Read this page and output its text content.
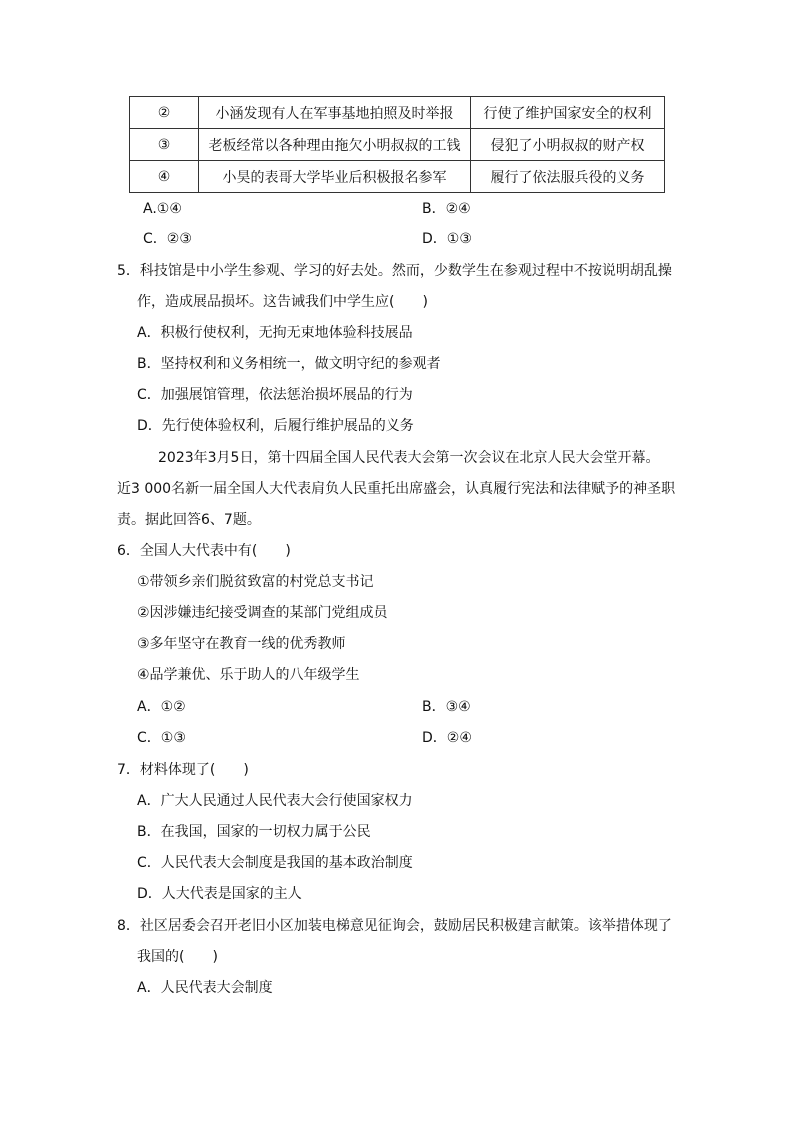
②	小涵发现有人在军事基地拍照及时举报	行使了维护国家安全的权利
③	老板经常以各种理由拖欠小明叔叔的工钱	侵犯了小明叔叔的财产权
④	小昊的表哥大学毕业后积极报名参军	履行了依法服兵役的义务
A.①④	B．②④
C．②③	D．①③
5．科技馆是中小学生参观、学习的好去处。然而，少数学生在参观过程中不按说明胡乱操
作，造成展品损坏。这告诫我们中学生应(　　)
A．积极行使权利，无拘无束地体验科技展品
B．坚持权利和义务相统一，做文明守纪的参观者
C．加强展馆管理，依法惩治损坏展品的行为
D．先行使体验权利，后履行维护展品的义务
2023年3月5日，第十四届全国人民代表大会第一次会议在北京人民大会堂开幕。
近3 000名新一届全国人大代表肩负人民重托出席盛会，认真履行宪法和法律赋予的神圣职
责。据此回答6、7题。
6．全国人大代表中有(　　)
①带领乡亲们脱贫致富的村党总支书记
②因涉嫌违纪接受调查的某部门党组成员
③多年坚守在教育一线的优秀教师
④品学兼优、乐于助人的八年级学生
A．①②	B．③④
C．①③	D．②④
7．材料体现了(　　)
A．广大人民通过人民代表大会行使国家权力
B．在我国，国家的一切权力属于公民
C．人民代表大会制度是我国的基本政治制度
D．人大代表是国家的主人
8．社区居委会召开老旧小区加装电梯意见征询会，鼓励居民积极建言献策。该举措体现了
我国的(　　)
A．人民代表大会制度
